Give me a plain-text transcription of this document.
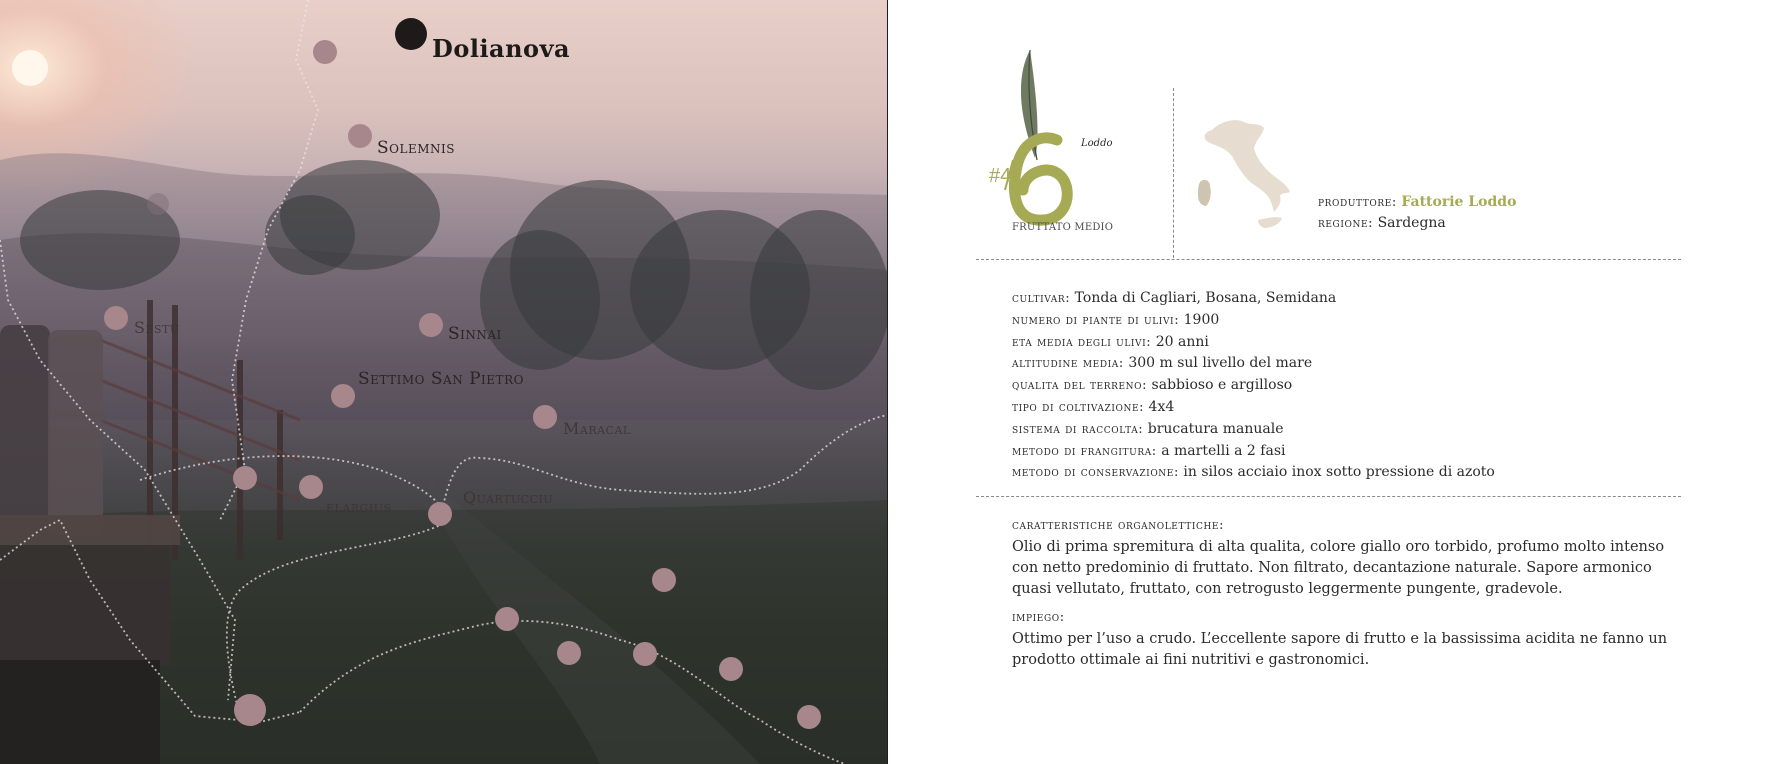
Dolianova
Solemnis
Sestu	Sinnai
Settimo San Pietro
Maracal
elargius	Quartucciu
#4
Loddo
FRUTTATO MEDIO
produttore: Fattorie Loddo
regione: Sardegna
cultivar: Tonda di Cagliari, Bosana, Semidana
numero di piante di ulivi: 1900
eta media degli ulivi: 20 anni
altitudine media: 300 m sul livello del mare
qualita del terreno: sabbioso e argilloso
tipo di coltivazione: 4x4
sistema di raccolta: brucatura manuale
metodo di frangitura: a martelli a 2 fasi
metodo di conservazione: in silos acciaio inox sotto pressione di azoto
caratteristiche organolettiche:
Olio di prima spremitura di alta qualita, colore giallo oro torbido, profumo molto intenso con netto predominio di fruttato. Non filtrato, decantazione naturale. Sapore armonico quasi vellutato, fruttato, con retrogusto leggermente pungente, gradevole.
impiego:
Ottimo per l’uso a crudo. L’eccellente sapore di frutto e la bassissima acidita ne fanno un prodotto ottimale ai fini nutritivi e gastronomici.
